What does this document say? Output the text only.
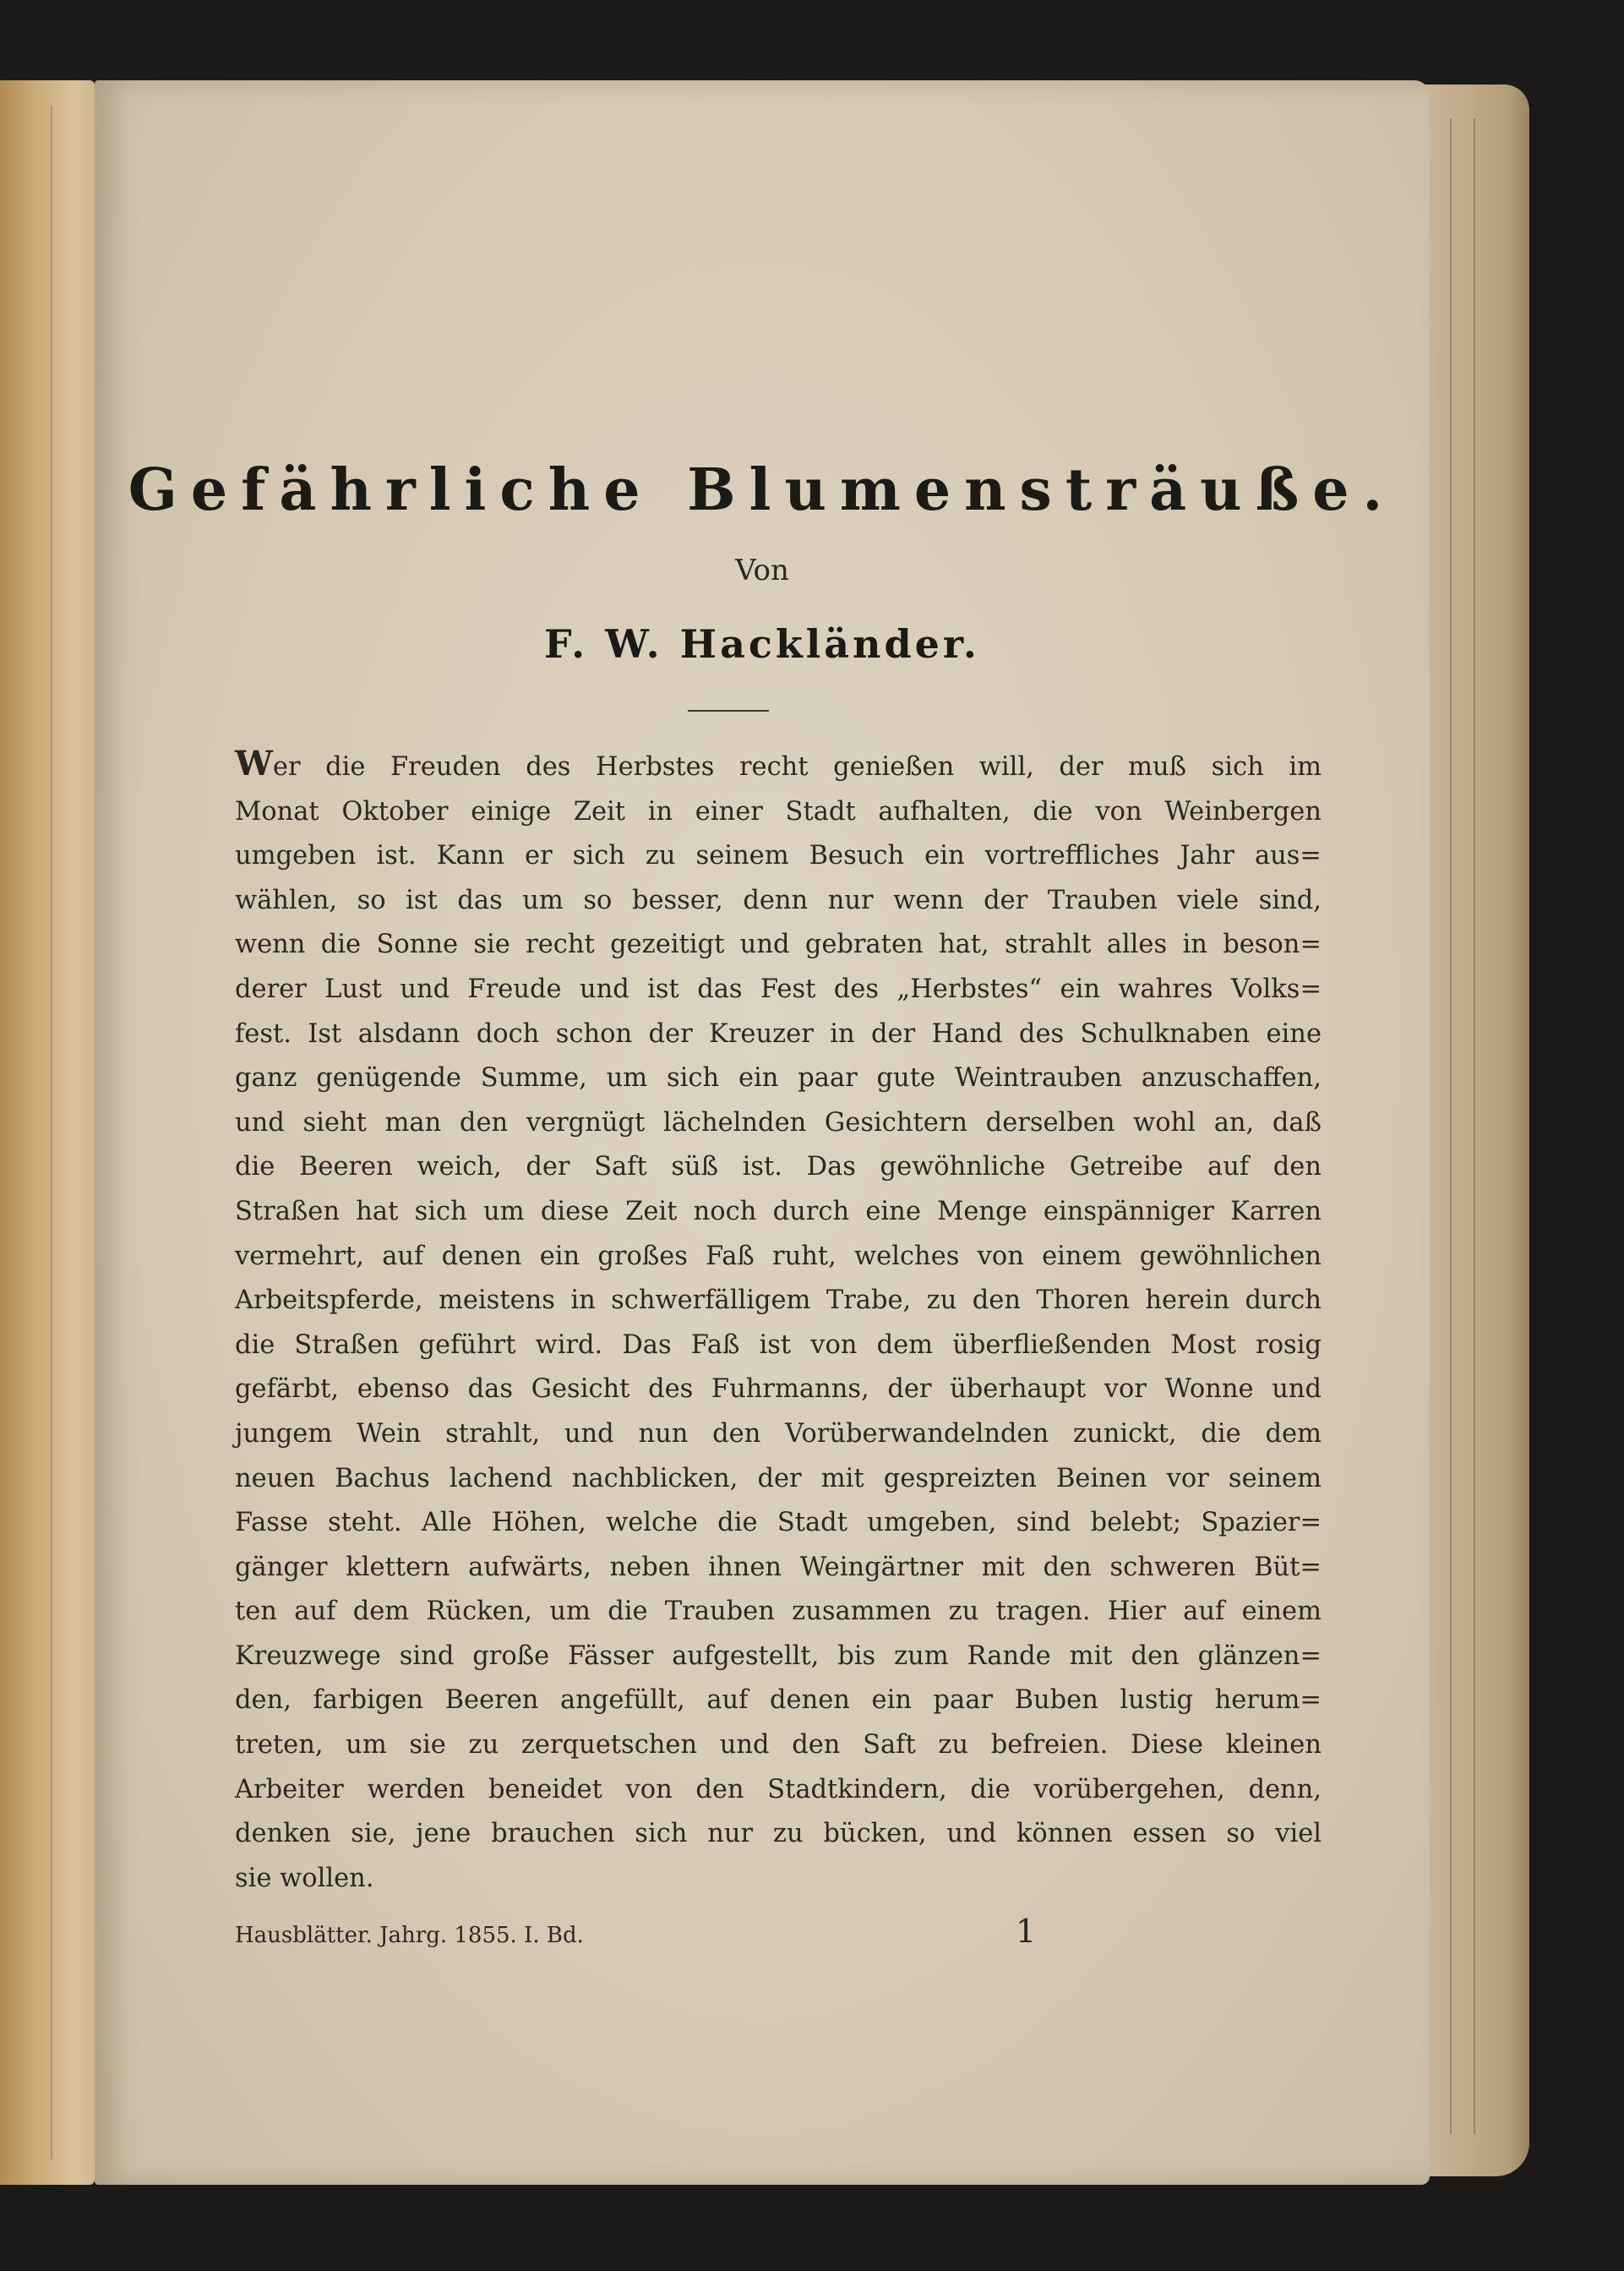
Gefährliche Blumensträuße.
Von
F. W. Hackländer.
Wer die Freuden des Herbstes recht genießen will, der muß sich im
Monat Oktober einige Zeit in einer Stadt aufhalten, die von Weinbergen
umgeben ist. Kann er sich zu seinem Besuch ein vortreffliches Jahr aus=
wählen, so ist das um so besser, denn nur wenn der Trauben viele sind,
wenn die Sonne sie recht gezeitigt und gebraten hat, strahlt alles in beson=
derer Lust und Freude und ist das Fest des „Herbstes“ ein wahres Volks=
fest. Ist alsdann doch schon der Kreuzer in der Hand des Schulknaben eine
ganz genügende Summe, um sich ein paar gute Weintrauben anzuschaffen,
und sieht man den vergnügt lächelnden Gesichtern derselben wohl an, daß
die Beeren weich, der Saft süß ist. Das gewöhnliche Getreibe auf den
Straßen hat sich um diese Zeit noch durch eine Menge einspänniger Karren
vermehrt, auf denen ein großes Faß ruht, welches von einem gewöhnlichen
Arbeitspferde, meistens in schwerfälligem Trabe, zu den Thoren herein durch
die Straßen geführt wird. Das Faß ist von dem überfließenden Most rosig
gefärbt, ebenso das Gesicht des Fuhrmanns, der überhaupt vor Wonne und
jungem Wein strahlt, und nun den Vorüberwandelnden zunickt, die dem
neuen Bachus lachend nachblicken, der mit gespreizten Beinen vor seinem
Fasse steht. Alle Höhen, welche die Stadt umgeben, sind belebt; Spazier=
gänger klettern aufwärts, neben ihnen Weingärtner mit den schweren Büt=
ten auf dem Rücken, um die Trauben zusammen zu tragen. Hier auf einem
Kreuzwege sind große Fässer aufgestellt, bis zum Rande mit den glänzen=
den, farbigen Beeren angefüllt, auf denen ein paar Buben lustig herum=
treten, um sie zu zerquetschen und den Saft zu befreien. Diese kleinen
Arbeiter werden beneidet von den Stadtkindern, die vorübergehen, denn,
denken sie, jene brauchen sich nur zu bücken, und können essen so viel
sie wollen.
Hausblätter. Jahrg. 1855. I. Bd.	1
